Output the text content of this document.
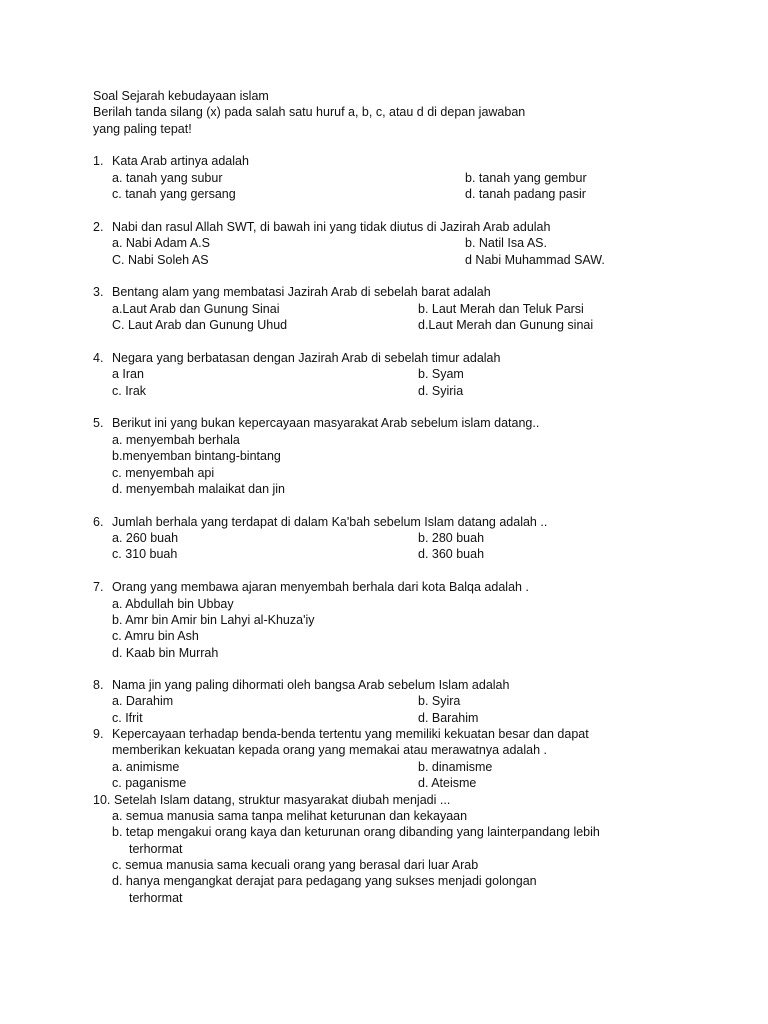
Soal Sejarah kebudayaan islam
Berilah tanda silang (x) pada salah satu huruf a, b, c, atau d di depan jawaban
yang paling tepat!
1. Kata Arab artinya adalah
a. tanah yang subur	b. tanah yang gembur
c. tanah yang gersang	d. tanah padang pasir
2. Nabi dan rasul Allah SWT, di bawah ini yang tidak diutus di Jazirah Arab adulah
a. Nabi Adam A.S	b. Natil Isa AS.
C. Nabi Soleh AS	d Nabi Muhammad SAW.
3. Bentang alam yang membatasi Jazirah Arab di sebelah barat adalah
a.Laut Arab dan Gunung Sinai	b. Laut Merah dan Teluk Parsi
C. Laut Arab dan Gunung Uhud	d.Laut Merah dan Gunung sinai
4. Negara yang berbatasan dengan Jazirah Arab di sebelah timur adalah
a Iran	b. Syam
c. Irak	d. Syiria
5. Berikut ini yang bukan kepercayaan masyarakat Arab sebelum islam datang..
a. menyembah berhala
b.menyemban bintang-bintang
c. menyembah api
d. menyembah malaikat dan jin
6. Jumlah berhala yang terdapat di dalam Ka'bah sebelum Islam datang adalah ..
a. 260 buah	b. 280 buah
c. 310 buah	d. 360 buah
7. Orang yang membawa ajaran menyembah berhala dari kota Balqa adalah .
a. Abdullah bin Ubbay
b. Amr bin Amir bin Lahyi al-Khuza'iy
c. Amru bin Ash
d. Kaab bin Murrah
8. Nama jin yang paling dihormati oleh bangsa Arab sebelum Islam adalah
a. Darahim	b. Syira
c. Ifrit	d. Barahim
9. Kepercayaan terhadap benda-benda tertentu yang memiliki kekuatan besar dan dapat
memberikan kekuatan kepada orang yang memakai atau merawatnya adalah .
a. animisme	b. dinamisme
c. paganisme	d. Ateisme
10. Setelah Islam datang, struktur masyarakat diubah menjadi ...
a. semua manusia sama tanpa melihat keturunan dan kekayaan
b. tetap mengakui orang kaya dan keturunan orang dibanding yang lainterpandang lebih
terhormat
c. semua manusia sama kecuali orang yang berasal dari luar Arab
d. hanya mengangkat derajat para pedagang yang sukses menjadi golongan
terhormat
